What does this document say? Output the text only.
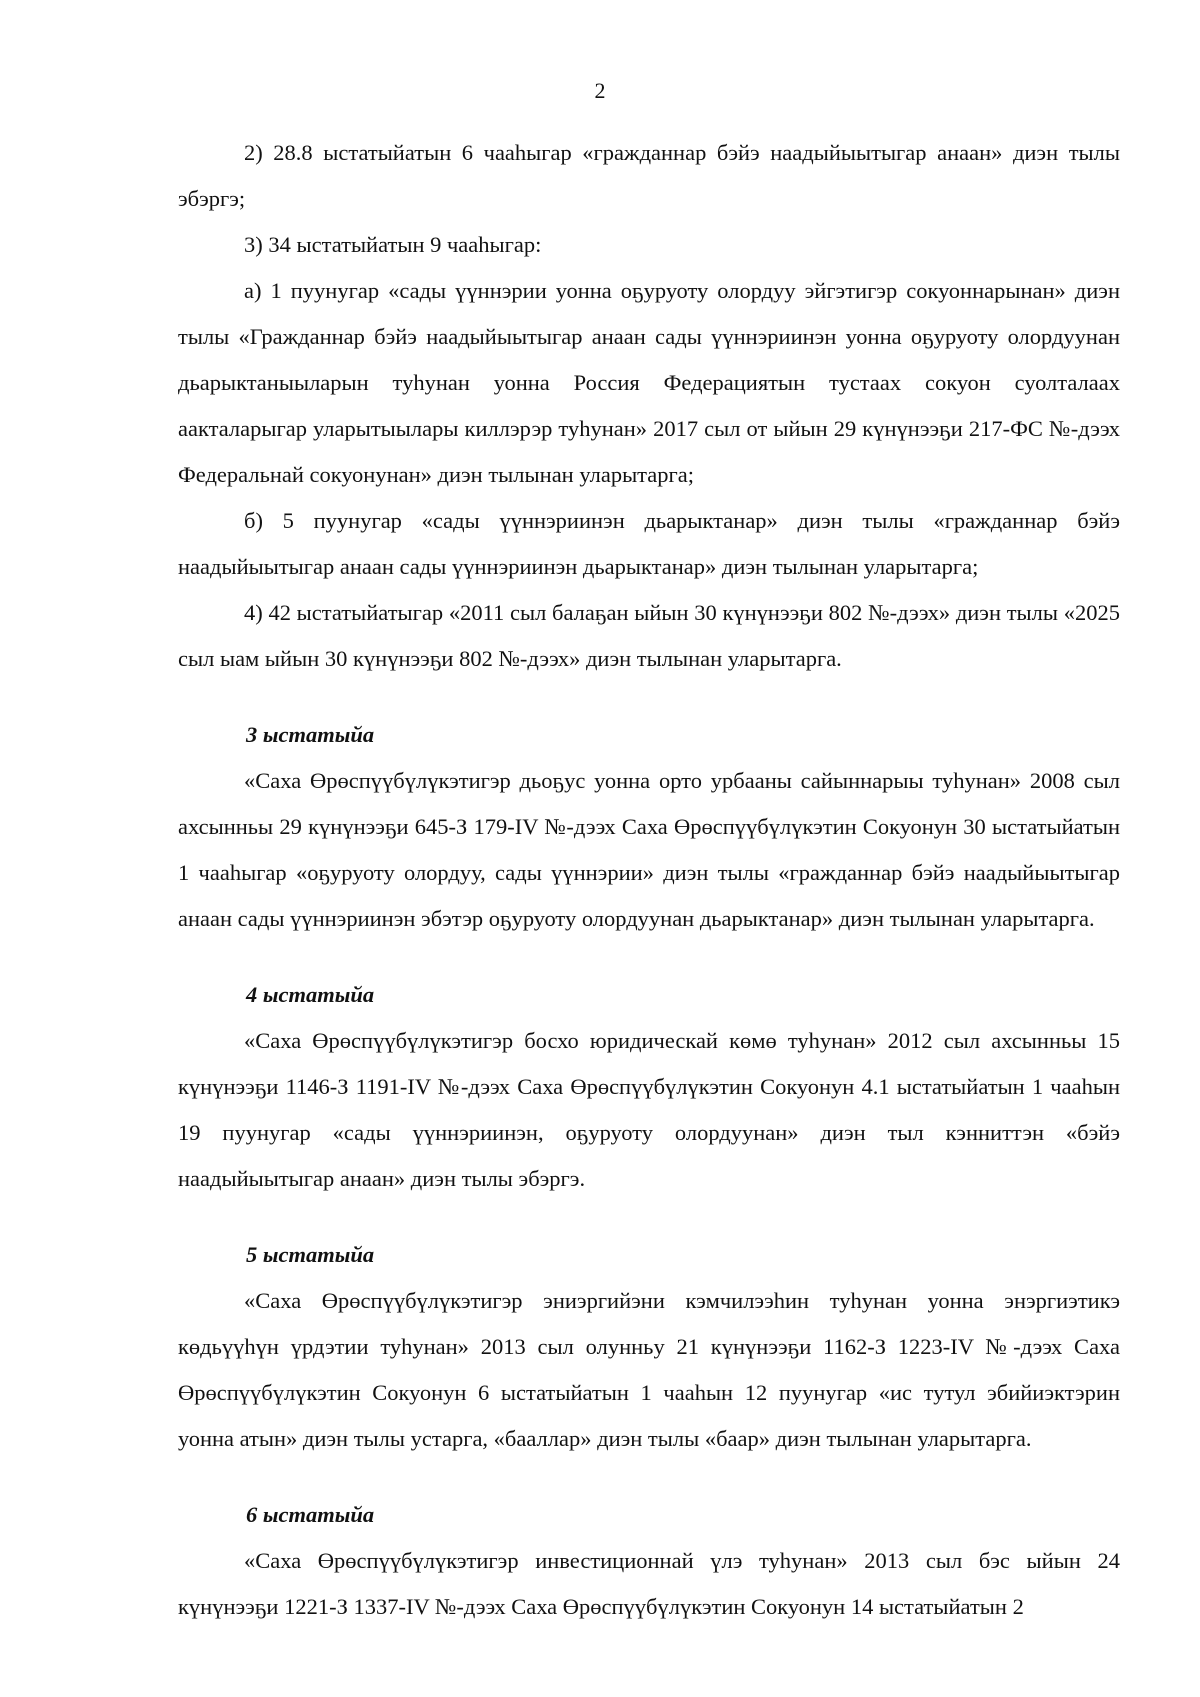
2

2) 28.8 ыстатыйатын 6 чааһыгар «гражданнар бэйэ наадыйыытыгар анаан» диэн тылы эбэргэ;

3) 34 ыстатыйатын 9 чааһыгар:

а) 1 пуунугар «сады үүннэрии уонна оҕуруоту олордуу эйгэтигэр сокуоннарынан» диэн тылы «Гражданнар бэйэ наадыйыытыгар анаан сады үүннэриинэн уонна оҕуруоту олордуунан дьарыктаныыларын туһунан уонна Россия Федерациятын тустаах сокуон суолталаах аакталарыгар уларытыылары киллэрэр туһунан» 2017 сыл от ыйын 29 күнүнээҕи 217-ФС №-дээх Федеральнай сокуонунан» диэн тылынан уларытарга;

б) 5 пуунугар «сады үүннэриинэн дьарыктанар» диэн тылы «гражданнар бэйэ наадыйыытыгар анаан сады үүннэриинэн дьарыктанар» диэн тылынан уларытарга;

4) 42 ыстатыйатыгар «2011 сыл балаҕан ыйын 30 күнүнээҕи 802 №-дээх» диэн тылы «2025 сыл ыам ыйын 30 күнүнээҕи 802 №-дээх» диэн тылынан уларытарга.

3 ыстатыйа

«Саха Өрөспүүбүлүкэтигэр дьоҕус уонна орто урбааны сайыннарыы туһунан» 2008 сыл ахсынньы 29 күнүнээҕи 645-З 179-IV №-дээх Саха Өрөспүүбүлүкэтин Сокуонун 30 ыстатыйатын 1 чааһыгар «оҕуруоту олордуу, сады үүннэрии» диэн тылы «гражданнар бэйэ наадыйыытыгар анаан сады үүннэриинэн эбэтэр оҕуруоту олордуунан дьарыктанар» диэн тылынан уларытарга.

4 ыстатыйа

«Саха Өрөспүүбүлүкэтигэр босхо юридическай көмө туһунан» 2012 сыл ахсынньы 15 күнүнээҕи 1146-З 1191-IV №-дээх Саха Өрөспүүбүлүкэтин Сокуонун 4.1 ыстатыйатын 1 чааһын 19 пуунугар «сады үүннэриинэн, оҕуруоту олордуунан» диэн тыл кэнниттэн «бэйэ наадыйыытыгар анаан» диэн тылы эбэргэ.

5 ыстатыйа

«Саха Өрөспүүбүлүкэтигэр эниэргийэни кэмчилээһин туһунан уонна энэргиэтикэ көдьүүһүн үрдэтии туһунан» 2013 сыл олунньу 21 күнүнээҕи 1162-З 1223-IV №-дээх Саха Өрөспүүбүлүкэтин Сокуонун 6 ыстатыйатын 1 чааһын 12 пуунугар «ис тутул эбийиэктэрин уонна атын» диэн тылы устарга, «бааллар» диэн тылы «баар» диэн тылынан уларытарга.

6 ыстатыйа

«Саха Өрөспүүбүлүкэтигэр инвестиционнай үлэ туһунан» 2013 сыл бэс ыйын 24 күнүнээҕи 1221-З 1337-IV №-дээх Саха Өрөспүүбүлүкэтин Сокуонун 14 ыстатыйатын 2
